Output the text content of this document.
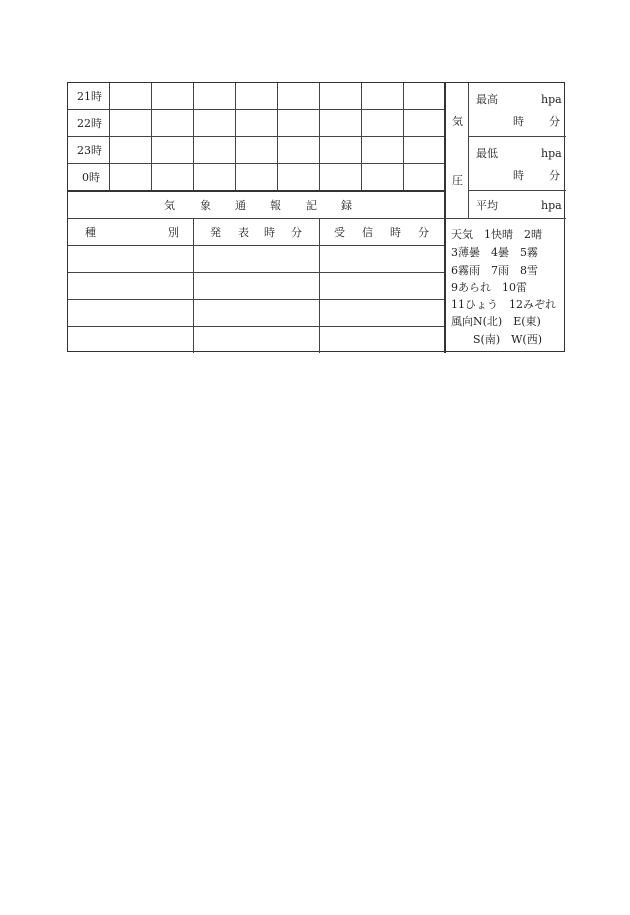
21時
22時
23時
0時
気 象 通 報 記 録
種	別	発 表 時 分	受 信 時 分
気
圧
最高	hpa
時 分
最低	hpa
時 分
平均	hpa
天気　1快晴　2晴
3薄曇　4曇　5霧
6霧雨　7雨　8雪
9あられ　10雷
11ひょう　12みぞれ
風向N(北)　E(東)
S(南)　W(西)
